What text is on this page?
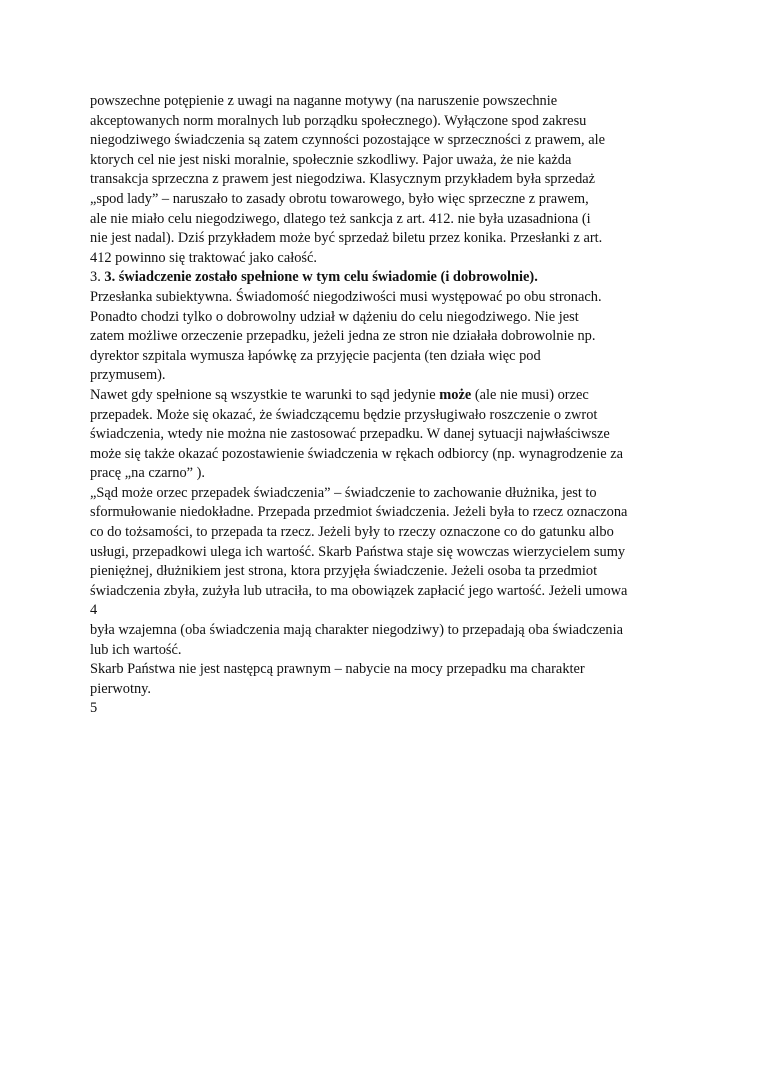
powszechne potępienie z uwagi na naganne motywy (na naruszenie powszechnie
akceptowanych norm moralnych lub porządku społecznego). Wyłączone spod zakresu
niegodziwego świadczenia są zatem czynności pozostające w sprzeczności z prawem, ale
ktorych cel nie jest niski moralnie, społecznie szkodliwy. Pajor uważa, że nie każda
transakcja sprzeczna z prawem jest niegodziwa. Klasycznym przykładem była sprzedaż
„spod lady” – naruszało to zasady obrotu towarowego, było więc sprzeczne z prawem,
ale nie miało celu niegodziwego, dlatego też sankcja z art. 412. nie była uzasadniona (i
nie jest nadal). Dziś przykładem może być sprzedaż biletu przez konika. Przesłanki z art.
412 powinno się traktować jako całość.
3. 3. świadczenie zostało spełnione w tym celu świadomie (i dobrowolnie).
Przesłanka subiektywna. Świadomość niegodziwości musi występować po obu stronach.
Ponadto chodzi tylko o dobrowolny udział w dążeniu do celu niegodziwego. Nie jest
zatem możliwe orzeczenie przepadku, jeżeli jedna ze stron nie działała dobrowolnie np.
dyrektor szpitala wymusza łapówkę za przyjęcie pacjenta (ten działa więc pod
przymusem).
Nawet gdy spełnione są wszystkie te warunki to sąd jedynie może (ale nie musi) orzec
przepadek. Może się okazać, że świadczącemu będzie przysługiwało roszczenie o zwrot
świadczenia, wtedy nie można nie zastosować przepadku. W danej sytuacji najwłaściwsze
może się także okazać pozostawienie świadczenia w rękach odbiorcy (np. wynagrodzenie za
pracę „na czarno” ).
„Sąd może orzec przepadek świadczenia” – świadczenie to zachowanie dłużnika, jest to
sformułowanie niedokładne. Przepada przedmiot świadczenia. Jeżeli była to rzecz oznaczona
co do tożsamości, to przepada ta rzecz. Jeżeli były to rzeczy oznaczone co do gatunku albo
usługi, przepadkowi ulega ich wartość. Skarb Państwa staje się wowczas wierzycielem sumy
pieniężnej, dłużnikiem jest strona, ktora przyjęła świadczenie. Jeżeli osoba ta przedmiot
świadczenia zbyła, zużyła lub utraciła, to ma obowiązek zapłacić jego wartość. Jeżeli umowa
4
była wzajemna (oba świadczenia mają charakter niegodziwy) to przepadają oba świadczenia
lub ich wartość.
Skarb Państwa nie jest następcą prawnym – nabycie na mocy przepadku ma charakter
pierwotny.
5
